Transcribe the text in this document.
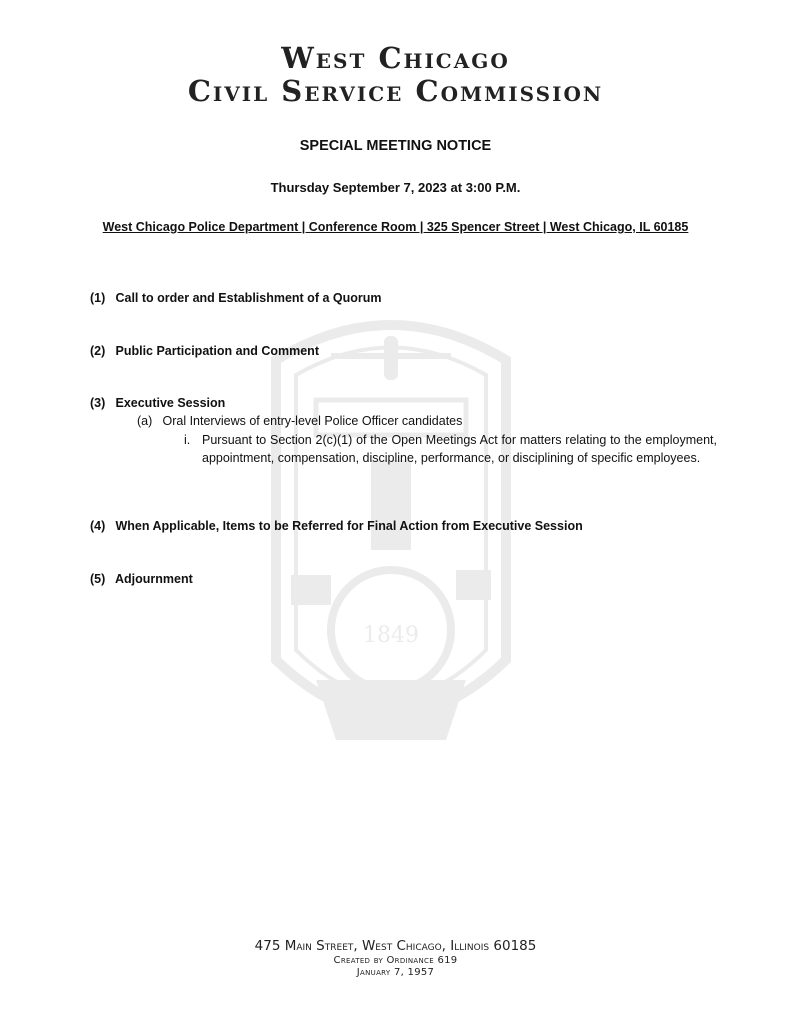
1849
West Chicago
Civil Service Commission
SPECIAL MEETING NOTICE
Thursday September 7, 2023 at 3:00 P.M.
West Chicago Police Department | Conference Room | 325 Spencer Street | West Chicago, IL 60185
(1) Call to order and Establishment of a Quorum
(2) Public Participation and Comment
(3) Executive Session
(a) Oral Interviews of entry-level Police Officer candidates
i. Pursuant to Section 2(c)(1) of the Open Meetings Act for matters relating to the employment, appointment, compensation, discipline, performance, or disciplining of specific employees.
(4) When Applicable, Items to be Referred for Final Action from Executive Session
(5) Adjournment
475 Main Street, West Chicago, Illinois 60185
Created by Ordinance 619
January 7, 1957
